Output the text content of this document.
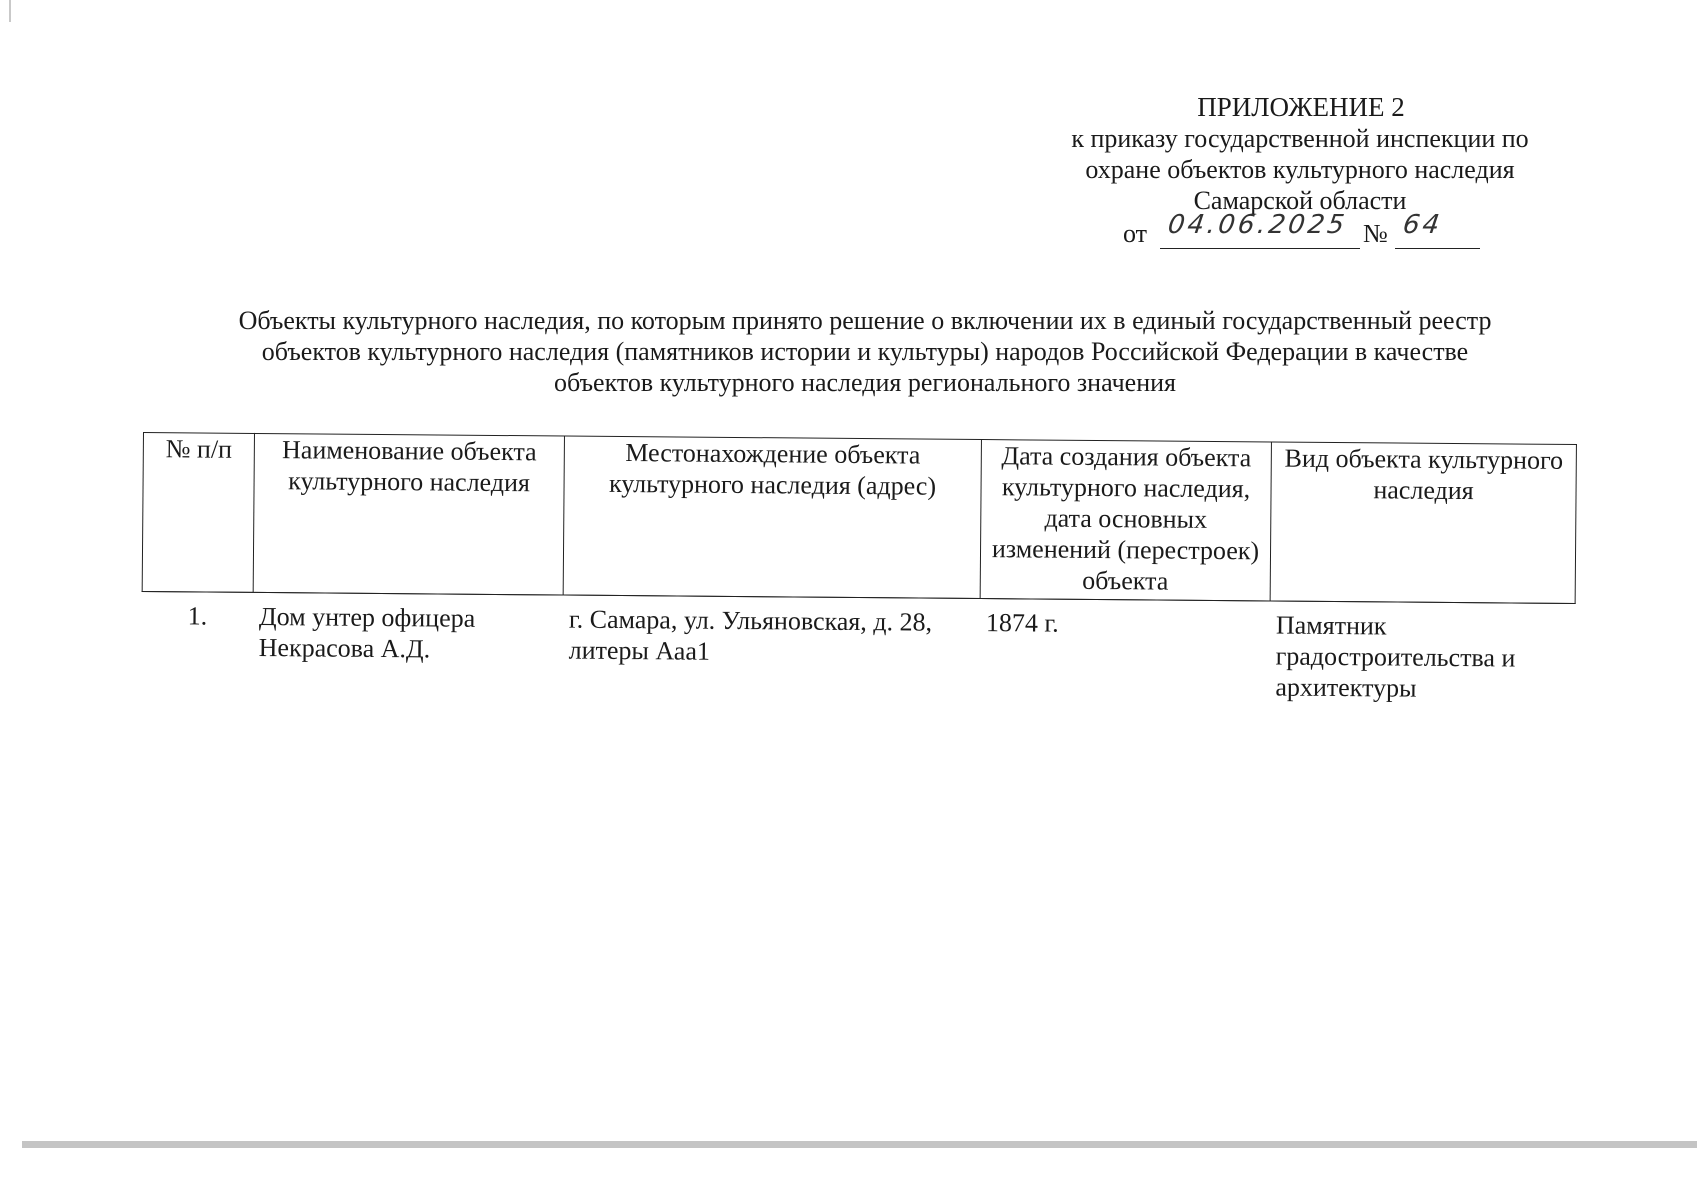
ПРИЛОЖЕНИЕ 2
к приказу государственной инспекции по
охране объектов культурного наследия
Самарской области
от 04.06.2025 № 64
Объекты культурного наследия, по которым принято решение о включении их в единый государственный реестр
объектов культурного наследия (памятников истории и культуры) народов Российской Федерации в качестве
объектов культурного наследия регионального значения
№ п/п	Наименование объекта культурного наследия	Местонахождение объекта культурного наследия (адрес)	Дата создания объекта культурного наследия, дата основных изменений (перестроек) объекта	Вид объекта культурного наследия
1.	Дом унтер офицера Некрасова А.Д.	г. Самара, ул. Ульяновская, д. 28, литеры Ааа1	1874 г.	Памятник градостроительства и архитектуры
